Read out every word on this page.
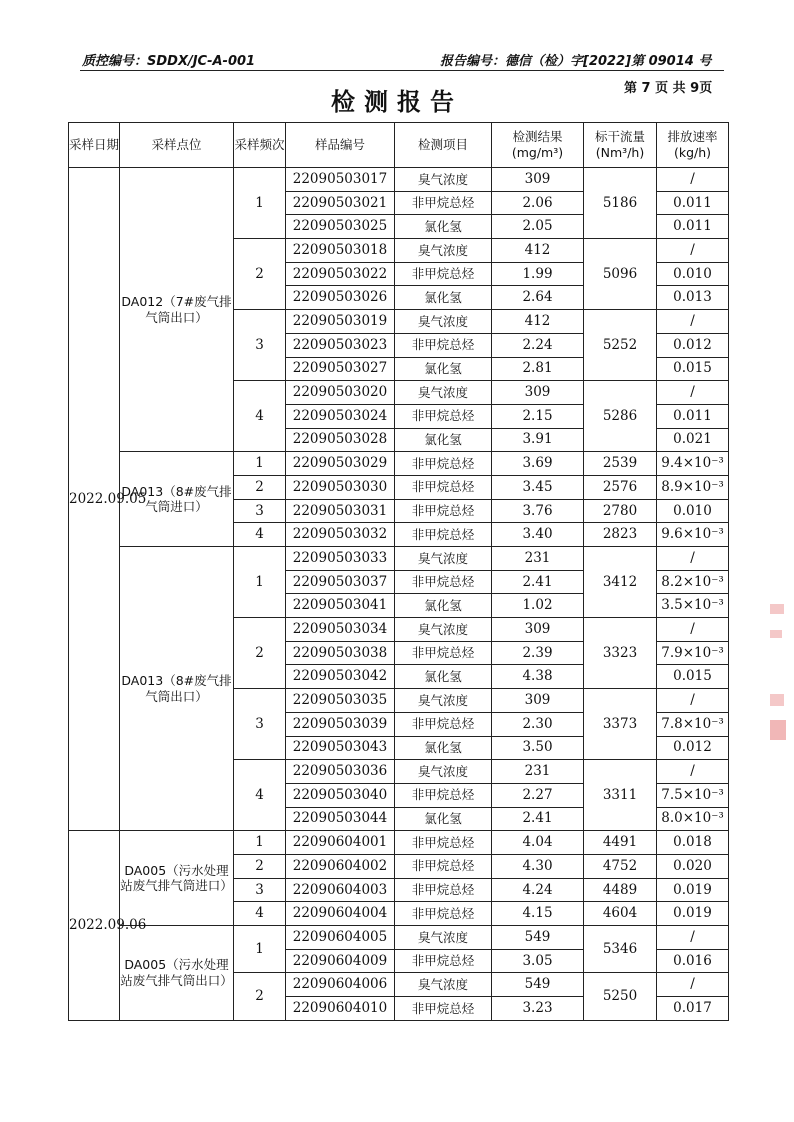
质控编号：SDDX/JC-A-001	报告编号：德信（检）字[2022]第 09014 号
第 7 页 共 9页
检测报告
采样日期	采样点位	采样频次	样品编号	检测项目	检测结果(mg/m³)	标干流量(Nm³/h)	排放速率(kg/h)
2022.09.05	DA012（7#废气排气筒出口）	1	22090503017	臭气浓度	309	5186	/
			22090503021	非甲烷总烃	2.06		0.011
			22090503025	氯化氢	2.05		0.011
		2	22090503018	臭气浓度	412	5096	/
			22090503022	非甲烷总烃	1.99		0.010
			22090503026	氯化氢	2.64		0.013
		3	22090503019	臭气浓度	412	5252	/
			22090503023	非甲烷总烃	2.24		0.012
			22090503027	氯化氢	2.81		0.015
		4	22090503020	臭气浓度	309	5286	/
			22090503024	非甲烷总烃	2.15		0.011
			22090503028	氯化氢	3.91		0.021
	DA013（8#废气排气筒进口）	1	22090503029	非甲烷总烃	3.69	2539	9.4×10⁻³
		2	22090503030	非甲烷总烃	3.45	2576	8.9×10⁻³
		3	22090503031	非甲烷总烃	3.76	2780	0.010
		4	22090503032	非甲烷总烃	3.40	2823	9.6×10⁻³
	DA013（8#废气排气筒出口）	1	22090503033	臭气浓度	231	3412	/
			22090503037	非甲烷总烃	2.41		8.2×10⁻³
			22090503041	氯化氢	1.02		3.5×10⁻³
		2	22090503034	臭气浓度	309	3323	/
			22090503038	非甲烷总烃	2.39		7.9×10⁻³
			22090503042	氯化氢	4.38		0.015
		3	22090503035	臭气浓度	309	3373	/
			22090503039	非甲烷总烃	2.30		7.8×10⁻³
			22090503043	氯化氢	3.50		0.012
		4	22090503036	臭气浓度	231	3311	/
			22090503040	非甲烷总烃	2.27		7.5×10⁻³
			22090503044	氯化氢	2.41		8.0×10⁻³
2022.09.06	DA005（污水处理站废气排气筒进口）	1	22090604001	非甲烷总烃	4.04	4491	0.018
		2	22090604002	非甲烷总烃	4.30	4752	0.020
		3	22090604003	非甲烷总烃	4.24	4489	0.019
		4	22090604004	非甲烷总烃	4.15	4604	0.019
	DA005（污水处理站废气排气筒出口）	1	22090604005	臭气浓度	549	5346	/
			22090604009	非甲烷总烃	3.05		0.016
		2	22090604006	臭气浓度	549	5250	/
			22090604010	非甲烷总烃	3.23		0.017
